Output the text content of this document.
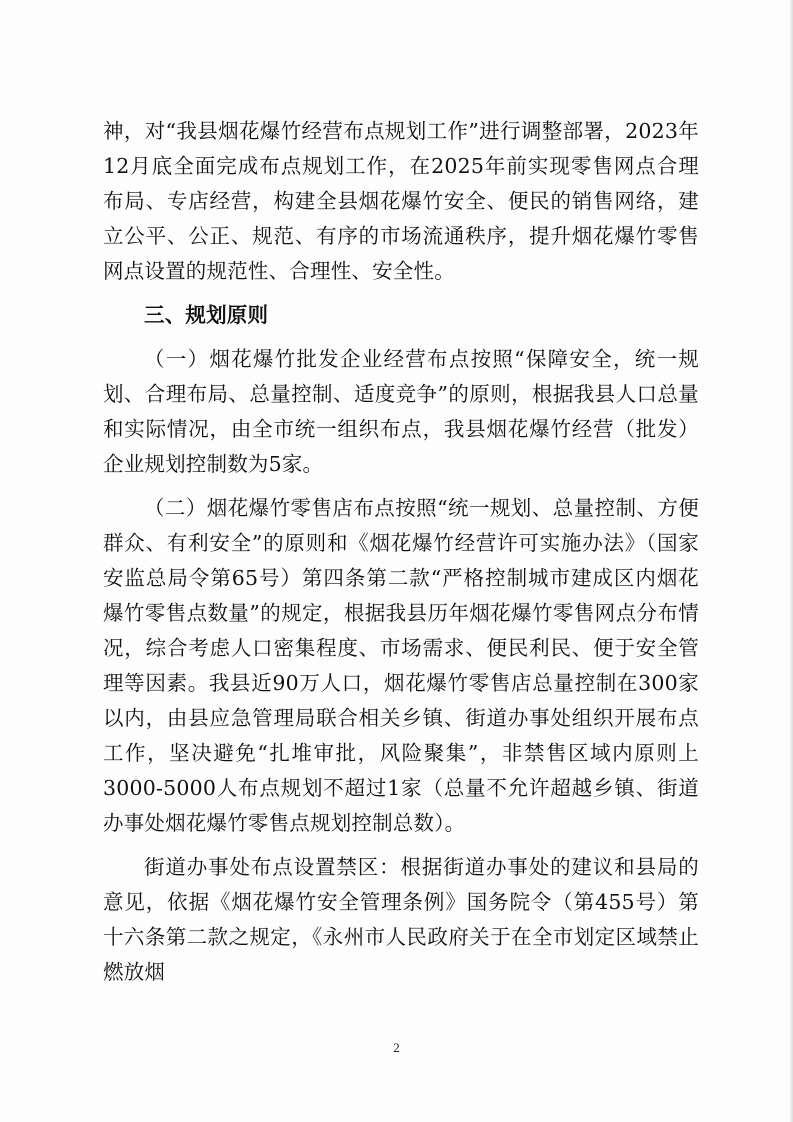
神，对“我县烟花爆竹经营布点规划工作”进行调整部署，2023年12月底全面完成布点规划工作，在2025年前实现零售网点合理布局、专店经营，构建全县烟花爆竹安全、便民的销售网络，建立公平、公正、规范、有序的市场流通秩序，提升烟花爆竹零售网点设置的规范性、合理性、安全性。

三、规划原则

（一）烟花爆竹批发企业经营布点按照“保障安全，统一规划、合理布局、总量控制、适度竞争”的原则，根据我县人口总量和实际情况，由全市统一组织布点，我县烟花爆竹经营（批发）企业规划控制数为5家。

（二）烟花爆竹零售店布点按照“统一规划、总量控制、方便群众、有利安全”的原则和《烟花爆竹经营许可实施办法》（国家安监总局令第65号）第四条第二款“严格控制城市建成区内烟花爆竹零售点数量”的规定，根据我县历年烟花爆竹零售网点分布情况，综合考虑人口密集程度、市场需求、便民利民、便于安全管理等因素。我县近90万人口，烟花爆竹零售店总量控制在300家以内，由县应急管理局联合相关乡镇、街道办事处组织开展布点工作，坚决避免“扎堆审批，风险聚集”，非禁售区域内原则上3000-5000人布点规划不超过1家（总量不允许超越乡镇、街道办事处烟花爆竹零售点规划控制总数）。

街道办事处布点设置禁区：根据街道办事处的建议和县局的意见，依据《烟花爆竹安全管理条例》国务院令（第455号）第十六条第二款之规定，《永州市人民政府关于在全市划定区域禁止燃放烟

2
